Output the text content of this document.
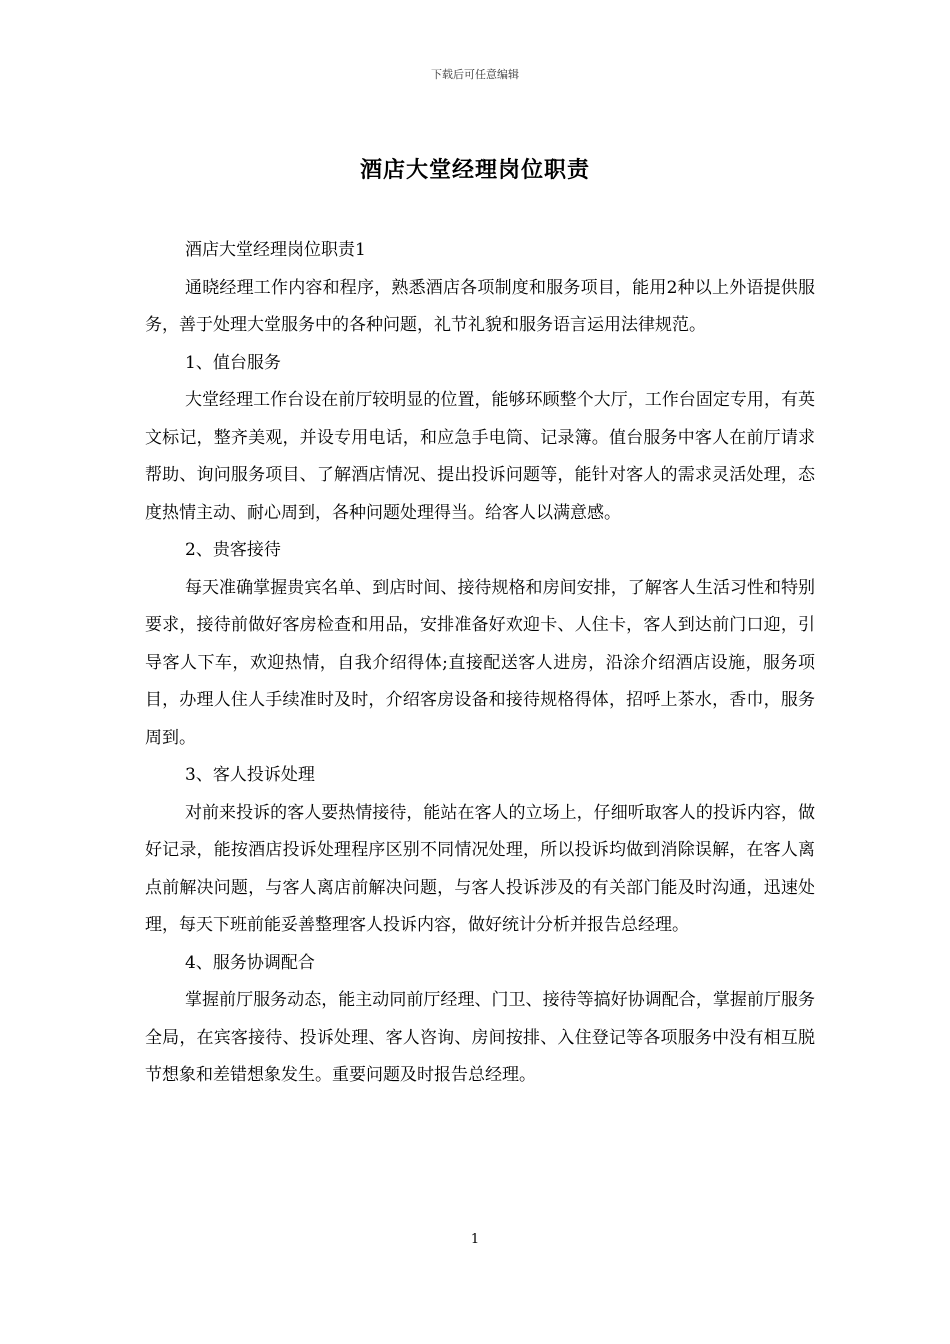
下载后可任意编辑
酒店大堂经理岗位职责

酒店大堂经理岗位职责1

通晓经理工作内容和程序，熟悉酒店各项制度和服务项目，能用2种以上外语提供服务，善于处理大堂服务中的各种问题，礼节礼貌和服务语言运用法律规范。

1、值台服务

大堂经理工作台设在前厅较明显的位置，能够环顾整个大厅，工作台固定专用，有英文标记，整齐美观，并设专用电话，和应急手电筒、记录簿。值台服务中客人在前厅请求帮助、询问服务项目、了解酒店情况、提出投诉问题等，能针对客人的需求灵活处理，态度热情主动、耐心周到，各种问题处理得当。给客人以满意感。

2、贵客接待

每天准确掌握贵宾名单、到店时间、接待规格和房间安排，了解客人生活习性和特别要求，接待前做好客房检查和用品，安排准备好欢迎卡、人住卡，客人到达前门口迎，引导客人下车，欢迎热情，自我介绍得体;直接配送客人进房，沿涂介绍酒店设施，服务项目，办理人住人手续准时及时，介绍客房设备和接待规格得体，招呼上茶水，香巾，服务周到。

3、客人投诉处理

对前来投诉的客人要热情接待，能站在客人的立场上，仔细听取客人的投诉内容，做好记录，能按酒店投诉处理程序区别不同情况处理，所以投诉均做到消除误解，在客人离点前解决问题，与客人离店前解决问题，与客人投诉涉及的有关部门能及时沟通，迅速处理，每天下班前能妥善整理客人投诉内容，做好统计分析并报告总经理。

4、服务协调配合

掌握前厅服务动态，能主动同前厅经理、门卫、接待等搞好协调配合，掌握前厅服务全局，在宾客接待、投诉处理、客人咨询、房间按排、入住登记等各项服务中没有相互脱节想象和差错想象发生。重要问题及时报告总经理。

1
